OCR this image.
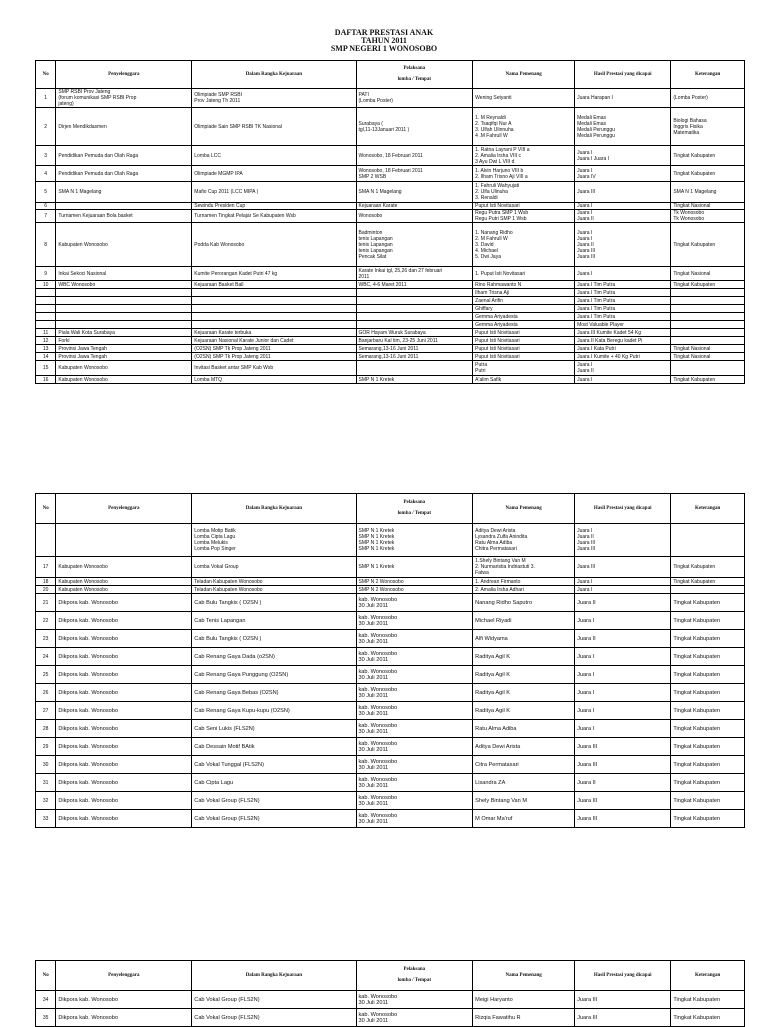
DAFTAR PRESTASI ANAK
TAHUN 2011
SMP NEGERI 1 WONOSOBO
No	Penyelenggara	Dalam Rangka Kejuaraan	Pelaksana
lomba / Tempat	Nama Pemenang	Hasil Prestasi yang dicapai	Keterangan
1	SMP RSBI Prov Jateng
(forum komunikasi SMP RSBI Prop
jateng)	Olimpiade SMP RSBI
Prov Jateng Th 2011	PATI
(Lomba Poster)	Wening Setyanti	Juara Harapan I	(Lomba Poster)
2	Dirjen Mendikdasmen	Olimpiade Sain SMP RSBI TK Nasional	Surabaya (
tgl,11-13Januari 2011 )	1. M Reynaldi
2. Tsaqifqi Nur A
3. Ulfah Ulinnuha
4 .M Fahrull W	Medali Emas
Medali Emas
Medali Perunggu
Medali Perunggu	Biologi Bahasa
Inggris Fisika
Matematika
3	Pendidikan Pemuda dan Olah Raga	Lomba LCC	Wonosobo, 18 Februari 2011	1. Ratna Layrani P VIII a
2. Amalia Irsha VIII c
3 Ayu Dwi L VIII d	Juara I
Juara I Juara I	Tingkat Kabupaten
4	Pendidikan Pemuda dan Olah Raga	Olimpiade MGMP IPA	Wonosobo, 18 Februari 2011
SMP 2 WSB	1. Alvin Harjuno VIII b
2. Ilham Trisno Aji VIII a	Juara I
Juara IV	Tingkat Kabupaten
5	SMA N 1 Magelang	Mafio Cup 2011 (LCC MIPA )	SMA N 1 Magelang	1. Fahruli Wahyujati
2. Ulfa Ulinuha
3. Renaldi	Juara III	SMA N 1 Magelang
6		Sewindu Presiden Cup	Kejuaraan Karate	Puput Isti Novitasari	Juara I	Tingkat Nasional
7	Turnamen Kejuaraan Bola basket	Turnamen Tingkat Pelajar Se Kabupaten Wsb	Wonosobo	Regu Putra SMP 1 Wsb
Regu Putri SMP 1 Wsb	Juara I
Juara II	Tk Wonosobo
Tk Wonosobo
8	Kabupaten Wonosobo	Podda Kab Wonosobo	Badminton
tenis Lapangan
tenis Lapangan
tenis Lapangan
Pencak Silat	1. Nanang Ridho
2. M Fahrull W
3. David
4. Michael
5. Dwi Jaya	Juara I
Juara I
Juara II
Juara III
Juara III	Tingkat Kabupaten
9	Inkai Sekoci Nasional	Kumite Perorangan Kadet Putri 47 kg	Karate Inkai tgl, 25,26 dan 27 februari
2011	1. Puput Isti Novitasari	Juara I	Tingkat Nasional
10	WBC Wonosobo	Kejuaraan Basket Ball	WBC, 4-6 Maret 2011	Rino Rahmawanto N	Juara I Tim Putra	Tingkat Kabupaten
				Ilham Trisna Aji	Juara I Tim Putra	
				Zaenal Arifin	Juara I Tim Putra	
				Ghiffary	Juara I Tim Putra	
				Gemma Ariyadesta	Juara I Tim Putra	
				Gemma Ariyadesta	Most Valuable Player	
11	Piala Wali Kota Surabaya	Kejuaraan Karate terbuka	GOR Hayam Wuruk Surabaya	Puput Isti Novitasari	Juara III Kumite Kadet 54 Kg	
12	Forki	Kejuaraan Nasional Karate Junior dan Cadet	Banjarbaru Kal tim, 23-25 Juni 2011	Puput Isti Novitasari	Juara II Kata Beregu kadet Pi	
13	Provinsi Jawa Tengah	(O2SN) SMP Tk Prop Jateng 2011	Semarang,13-16 Juni 2011	Puput Isti Novitasari	Juara I Kata Putri	Tingkat Nasional
14	Provinsi Jawa Tengah	(O2SN) SMP Tk Prop Jateng 2011	Semarang,13-16 Juni 2011	Puput Isti Novitasari	Juara I Kumite + 40 Kg Putri	Tingkat Nasional
15	Kabupaten Wonosobo	Invitasi Basket antar SMP Kab Wsb		Putra
Putri	Juara I
Juara II	
16	Kabupaten Wonosobo	Lomba MTQ	SMP N 1 Kretek	A'alim Safik	Juara I	Tingkat Kabupaten
No	Penyelenggara	Dalam Rangka Kejuaraan	Pelaksana
lomba / Tempat	Nama Pemenang	Hasil Prestasi yang dicapai	Keterangan
		Lomba Motip Batik
Lomba Cipta Lagu
Lomba Melukis
Lomba Pop Singer	SMP N 1 Kretek
SMP N 1 Kretek
SMP N 1 Kretek
SMP N 1 Kretek	Aditya Dewi Arista
Lysandra Zulfa Anindita
Ratu Alma Adiba
Chitra Permatasari	Juara I
Juara II
Juara III
Juara III	
17	Kabupaten Wonosobo	Lomba Vokal Group	SMP N 1 Kretek	1.Shely Bintang Van M
2. Nurmaristia Indriastuti 3.
Fatwa	Juara III	Tingkat Kabupaten
18	Kabupaten Wonosobo	Teladan Kabupaten Wonosobo	SMP N 2 Wonosobo	1. Andrean Firmanto	Juara I	Tingkat Kabupaten
20	Kabupaten Wonosobo	Teladan Kabupaten Wonosobo	SMP N 2 Wonosobo	2. Amalia Irsha Adhari	Juara I	
21	Dikpora kab. Wonosobo	Cab Bulu Tangkis ( O2SN )	kab. Wonosobo
30 Juli 2011	Nanang Ridho Saputro	Juara II	Tingkat Kabupaten
22	Dikpora kab. Wonosobo	Cab Tenis Lapangan	kab. Wonosobo
30 Juli 2011	Michael Riyadi	Juara I	Tingkat Kabupaten
23	Dikpora kab. Wonosobo	Cab Bulu Tangkis ( O2SN )	kab. Wonosobo
30 Juli 2011	Alfi Widyama	Juara II	Tingkat Kabupaten
24	Dikpora kab. Wonosobo	Cab Renang Gaya Dada (o2SN)	kab. Wonosobo
30 Juli 2011	Raditya Agil K	Juara I	Tingkat Kabupaten
25	Dikpora kab. Wonosobo	Cab Renang Gaya Punggung (O2SN)	kab. Wonosobo
30 Juli 2011	Raditya Agil K	Juara I	Tingkat Kabupaten
26	Dikpora kab. Wonosobo	Cab Renang Gaya Bebas (O2SN)	kab. Wonosobo
30 Juli 2011	Raditya Agil K	Juara I	Tingkat Kabupaten
27	Dikpora kab. Wonosobo	Cab Renang Gaya Kupu-kupu (O2SN)	kab. Wonosobo
30 Juli 2011	Raditya Agil K	Juara I	Tingkat Kabupaten
28	Dikpora kab. Wonosobo	Cab Seni Lukis (FLS2N)	kab. Wonosobo
30 Juli 2011	Ratu Alma Adiba	Juara I	Tingkat Kabupaten
29	Dikpora kab. Wonosobo	Cab Dessain Motif BAtik	kab. Wonosobo
30 Juli 2011	Aditya Dewi Arista	Juara III	Tingkat Kabupaten
30	Dikpora kab. Wonosobo	Cab Vokal Tunggal (FLS2N)	kab. Wonosobo
30 Juli 2011	Citra Permatasari	Juara III	Tingkat Kabupaten
31	Dikpora kab. Wonosobo	Cab Cipta Lagu	kab. Wonosobo
30 Juli 2011	Lisandra ZA	Juara II	Tingkat Kabupaten
32	Dikpora kab. Wonosobo	Cab Vokal Group (FLS2N)	kab. Wonosobo
30 Juli 2011	Shely Bintang Van M	Juara III	Tingkat Kabupaten
33	Dikpora kab. Wonosobo	Cab Vokal Group (FLS2N)	kab. Wonosobo
30 Juli 2011	M Omar Ma'ruf	Juara III	Tingkat Kabupaten
No	Penyelenggara	Dalam Rangka Kejuaraan	Pelaksana
lomba / Tempat	Nama Pemenang	Hasil Prestasi yang dicapai	Keterangan
34	Dikpora kab. Wonosobo	Cab Vokal Group (FLS2N)	kab. Wonosobo
30 Juli 2011	Meigi Haryanto	Juara III	Tingkat Kabupaten
35	Dikpora kab. Wonosobo	Cab Vokal Group (FLS2N)	kab. Wonosobo
30 Juli 2011	Rizqia Fawatihu R	Juara III	Tingkat Kabupaten
